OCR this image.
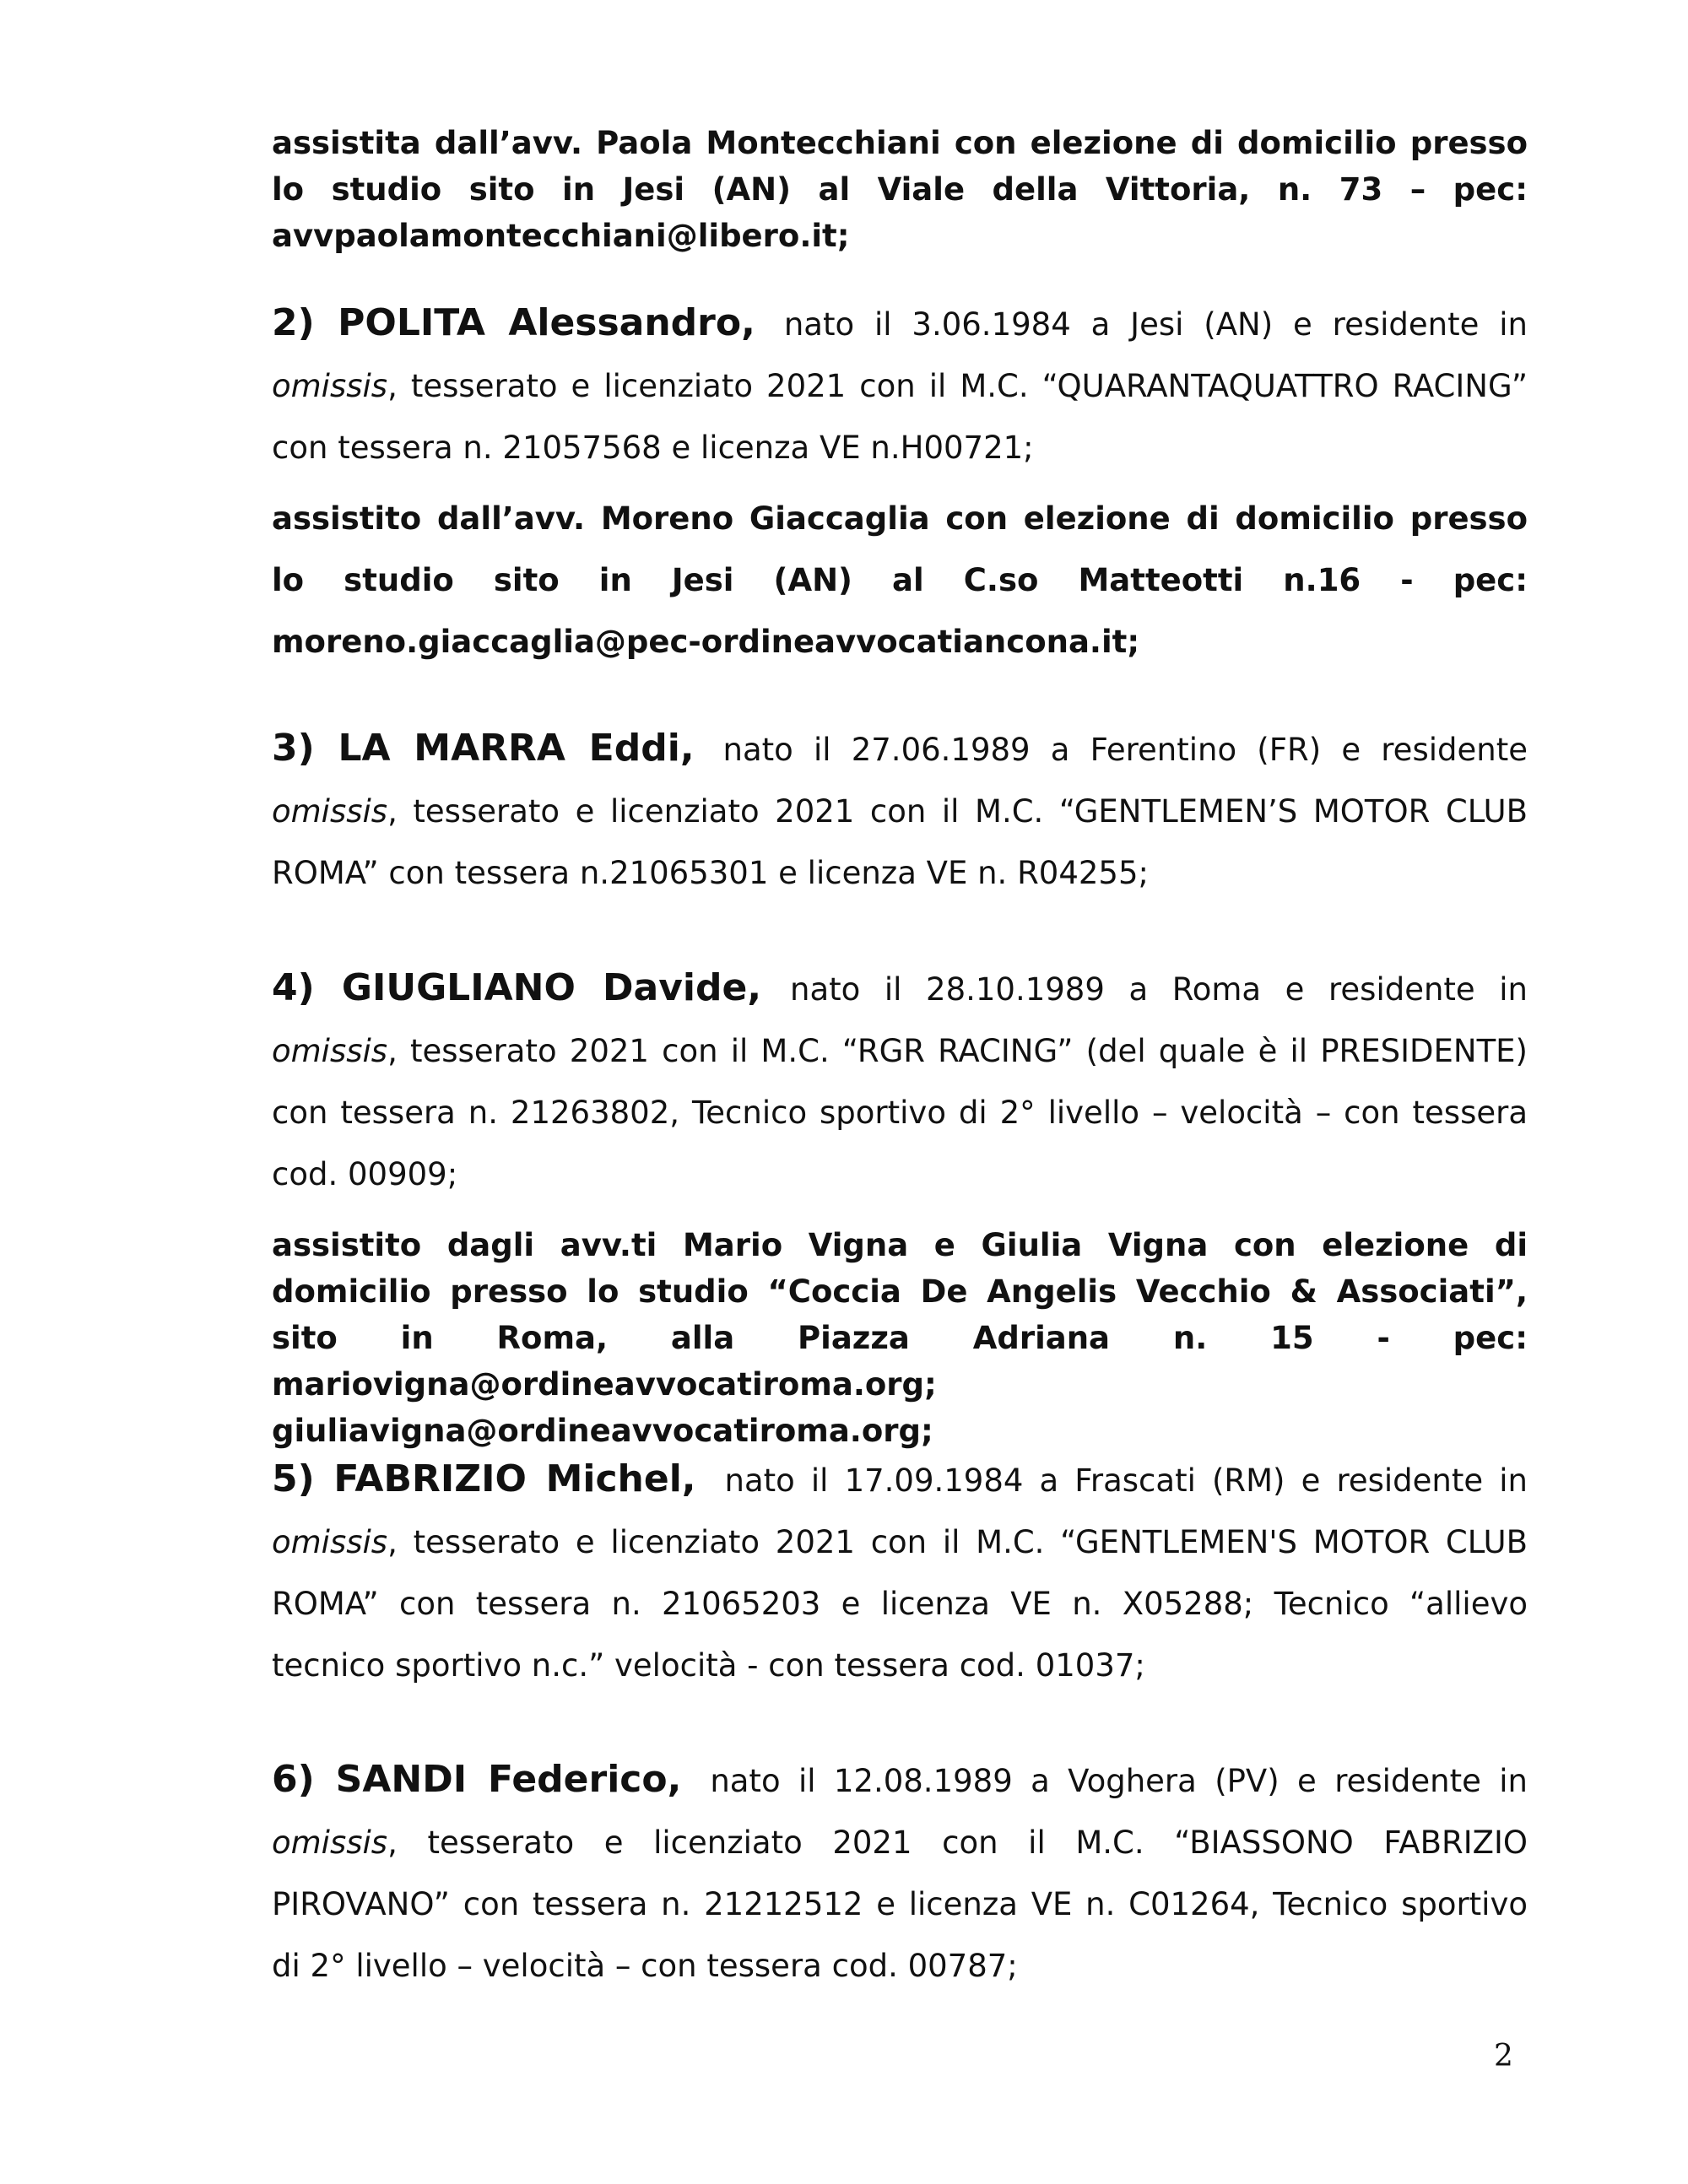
assistita dall’avv. Paola Montecchiani con elezione di domicilio presso lo studio sito in Jesi (AN) al Viale della Vittoria, n. 73 – pec: avvpaolamontecchiani@libero.it;

2) POLITA Alessandro, nato il 3.06.1984 a Jesi (AN) e residente in omissis, tesserato e licenziato 2021 con il M.C. “QUARANTAQUATTRO RACING” con tessera n. 21057568 e licenza VE n.H00721;

assistito dall’avv. Moreno Giaccaglia con elezione di domicilio presso lo studio sito in Jesi (AN) al C.so Matteotti n.16 - pec: moreno.giaccaglia@pec-ordineavvocatiancona.it;

3) LA MARRA Eddi, nato il 27.06.1989 a Ferentino (FR) e residente omissis, tesserato e licenziato 2021 con il M.C. “GENTLEMEN’S MOTOR CLUB ROMA” con tessera n.21065301 e licenza VE n. R04255;

4) GIUGLIANO Davide, nato il 28.10.1989 a Roma e residente in omissis, tesserato 2021 con il M.C. “RGR RACING” (del quale è il PRESIDENTE) con tessera n. 21263802, Tecnico sportivo di 2° livello – velocità – con tessera cod. 00909;

assistito dagli avv.ti Mario Vigna e Giulia Vigna con elezione di domicilio presso lo studio “Coccia De Angelis Vecchio & Associati”, sito in Roma, alla Piazza Adriana n. 15 - pec: mariovigna@ordineavvocatiroma.org; giuliavigna@ordineavvocatiroma.org;

5) FABRIZIO Michel, nato il 17.09.1984 a Frascati (RM) e residente in omissis, tesserato e licenziato 2021 con il M.C. “GENTLEMEN'S MOTOR CLUB ROMA” con tessera n. 21065203 e licenza VE n. X05288; Tecnico “allievo tecnico sportivo n.c.” velocità - con tessera cod. 01037;

6) SANDI Federico, nato il 12.08.1989 a Voghera (PV) e residente in omissis, tesserato e licenziato 2021 con il M.C. “BIASSONO FABRIZIO PIROVANO” con tessera n. 21212512 e licenza VE n. C01264, Tecnico sportivo di 2° livello – velocità – con tessera cod. 00787;

2
